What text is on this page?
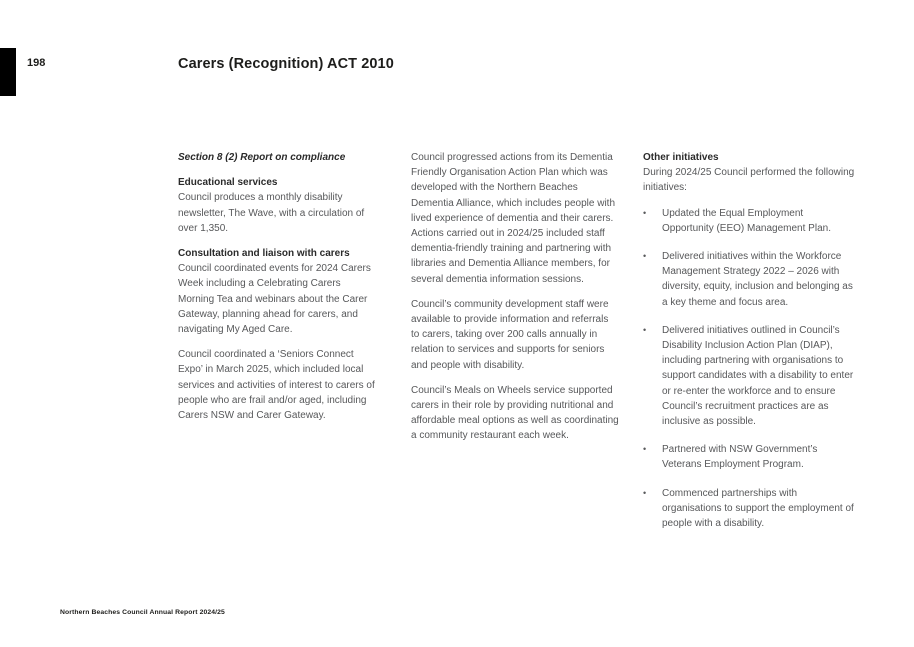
198	Carers (Recognition) ACT 2010

Section 8 (2) Report on compliance

Educational services

Council produces a monthly disability newsletter, The Wave, with a circulation of over 1,350.

Consultation and liaison with carers

Council coordinated events for 2024 Carers Week including a Celebrating Carers Morning Tea and webinars about the Carer Gateway, planning ahead for carers, and navigating My Aged Care.

Council coordinated a ‘Seniors Connect Expo’ in March 2025, which included local services and activities of interest to carers of people who are frail and/or aged, including Carers NSW and Carer Gateway.

Council progressed actions from its Dementia Friendly Organisation Action Plan which was developed with the Northern Beaches Dementia Alliance, which includes people with lived experience of dementia and their carers. Actions carried out in 2024/25 included staff dementia-friendly training and partnering with libraries and Dementia Alliance members, for several dementia information sessions.

Council’s community development staff were available to provide information and referrals to carers, taking over 200 calls annually in relation to services and supports for seniors and people with disability.

Council’s Meals on Wheels service supported carers in their role by providing nutritional and affordable meal options as well as coordinating a community restaurant each week.

Other initiatives

During 2024/25 Council performed the following initiatives:

•	Updated the Equal Employment Opportunity (EEO) Management Plan.
•	Delivered initiatives within the Workforce Management Strategy 2022 – 2026 with diversity, equity, inclusion and belonging as a key theme and focus area.
•	Delivered initiatives outlined in Council’s Disability Inclusion Action Plan (DIAP), including partnering with organisations to support candidates with a disability to enter or re-enter the workforce and to ensure Council’s recruitment practices are as inclusive as possible.
•	Partnered with NSW Government’s Veterans Employment Program.
•	Commenced partnerships with organisations to support the employment of people with a disability.
Northern Beaches Council Annual Report 2024/25
